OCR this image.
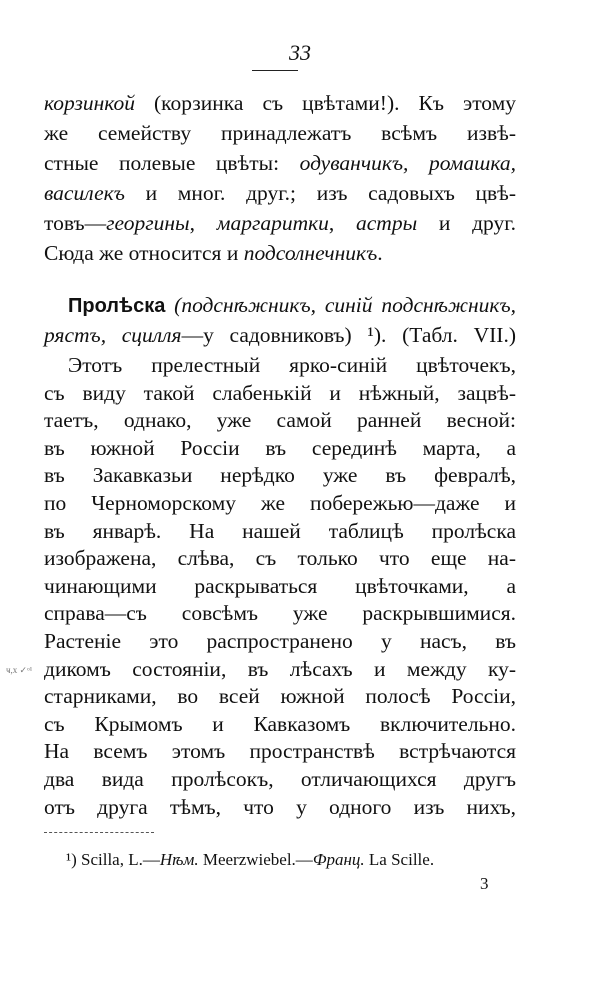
33
корзинкой (корзинка съ цвѣтами!). Къ этому
же семейству принадлежатъ всѣмъ извѣ-
стные полевые цвѣты: одуванчикъ, ромашка,
василекъ и мног. друг.; изъ садовыхъ цвѣ-
товъ—георгины, маргаритки, астры и друг.
Сюда же относится и подсолнечникъ.
Пролѣска (подснѣжникъ, синiй подснѣжникъ,
рястъ, сцилля—у садовниковъ) ¹). (Табл. VII.)
Этотъ прелестный ярко-синiй цвѣточекъ,
съ виду такой слабенькiй и нѣжный, зацвѣ-
таетъ, однако, уже самой ранней весной:
въ южной Россiи въ серединѣ марта, а
въ Закавказьи нерѣдко уже въ февралѣ,
по Черноморскому же побережью—даже и
въ январѣ. На нашей таблицѣ пролѣска
изображена, слѣва, съ только что еще на-
чинающими раскрываться цвѣточками, а
справа—съ совсѣмъ уже раскрывшимися.
Растенiе это распространено у насъ, въ
дикомъ состоянiи, въ лѣсахъ и между ку-
старниками, во всей южной полосѣ Россiи,
съ Крымомъ и Кавказомъ включительно.
На всемъ этомъ пространствѣ встрѣчаются
два вида пролѣсокъ, отличающихся другъ
¹) Scilla, L.—Нѣм. Meerzwiebel.—Франц. La Scille.
3
ҹ,х ✓ᵒ¹
отъ друга тѣмъ, что у одного изъ нихъ,
